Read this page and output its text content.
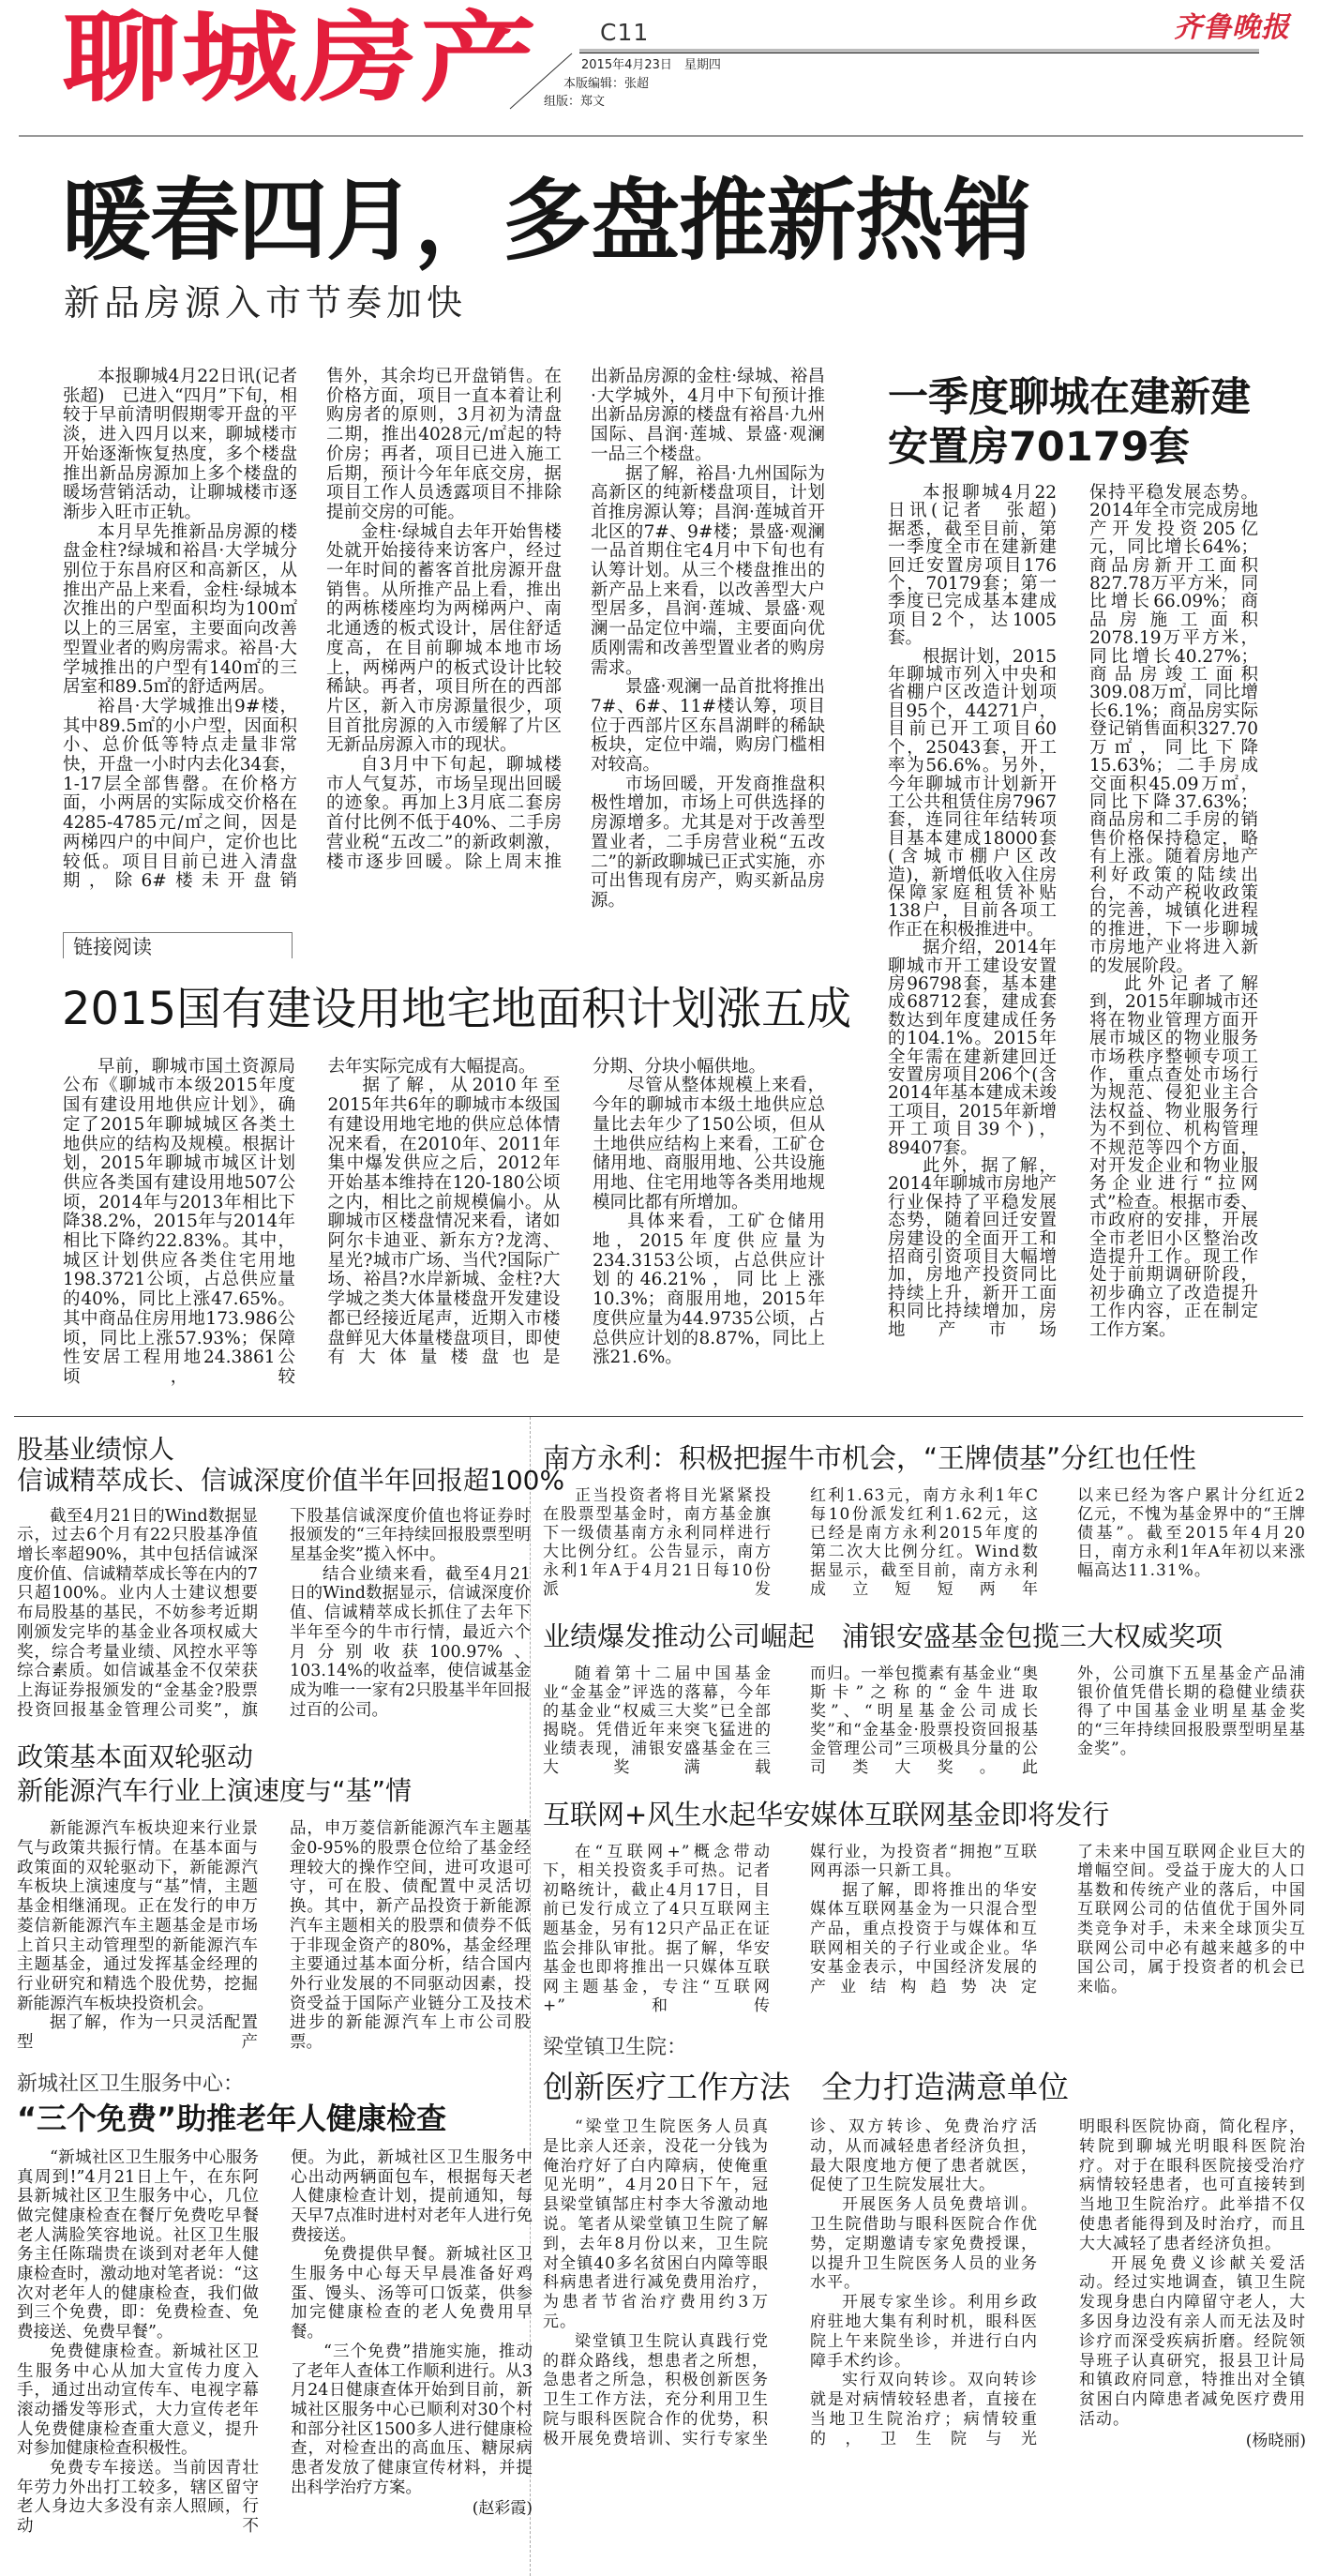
聊城房产	C11	齐鲁晚报
2015年4月23日　星期四
本版编辑：张超
组版：郑文
暖春四月，多盘推新热销
新品房源入市节奏加快

本报聊城4月22日讯(记者　张超)　已进入“四月”下旬，相较于早前清明假期零开盘的平淡，进入四月以来，聊城楼市开始逐渐恢复热度，多个楼盘推出新品房源加上多个楼盘的暖场营销活动，让聊城楼市逐渐步入旺市正轨。

本月早先推新品房源的楼盘金柱?绿城和裕昌·大学城分别位于东昌府区和高新区，从推出产品上来看，金柱·绿城本次推出的户型面积均为100㎡以上的三居室，主要面向改善型置业者的购房需求。裕昌·大学城推出的户型有140㎡的三居室和89.5㎡的舒适两居。

裕昌·大学城推出9#楼，其中89.5㎡的小户型，因面积小、总价低等特点走量非常快，开盘一小时内去化34套，1-17层全部售罄。在价格方面，小两居的实际成交价格在4285-4785元/㎡之间，因是两梯四户的中间户，定价也比较低。项目目前已进入清盘期，除6#楼未开盘销

售外，其余均已开盘销售。在价格方面，项目一直本着让利购房者的原则，3月初为清盘二期，推出4028元/㎡起的特价房；再者，项目已进入施工后期，预计今年年底交房，据项目工作人员透露项目不排除提前交房的可能。

金柱·绿城自去年开始售楼处就开始接待来访客户，经过一年时间的蓄客首批房源开盘销售。从所推产品上看，推出的两栋楼座均为两梯两户、南北通透的板式设计，居住舒适度高，在目前聊城本地市场上，两梯两户的板式设计比较稀缺。再者，项目所在的西部片区，新入市房源量很少，项目首批房源的入市缓解了片区无新品房源入市的现状。

自3月中下旬起，聊城楼市人气复苏，市场呈现出回暖的迹象。再加上3月底二套房首付比例不低于40%、二手房营业税“五改二”的新政刺激，楼市逐步回暖。除上周末推

出新品房源的金柱·绿城、裕昌·大学城外，4月中下旬预计推出新品房源的楼盘有裕昌·九州国际、昌润·莲城、景盛·观澜一品三个楼盘。

据了解，裕昌·九州国际为高新区的纯新楼盘项目，计划首推房源认筹；昌润·莲城首开北区的7#、9#楼；景盛·观澜一品首期住宅4月中下旬也有认筹计划。从三个楼盘推出的新产品上来看，以改善型大户型居多，昌润·莲城、景盛·观澜一品定位中端，主要面向优质刚需和改善型置业者的购房需求。

景盛·观澜一品首批将推出7#、6#、11#楼认筹，项目位于西部片区东昌湖畔的稀缺板块，定位中端，购房门槛相对较高。

市场回暖，开发商推盘积极性增加，市场上可供选择的房源增多。尤其是对于改善型置业者，二手房营业税“五改二”的新政聊城已正式实施，亦可出售现有房产，购买新品房源。

链接阅读
2015国有建设用地宅地面积计划涨五成

早前，聊城市国土资源局公布《聊城市本级2015年度国有建设用地供应计划》，确定了2015年聊城城区各类土地供应的结构及规模。根据计划，2015年聊城市城区计划供应各类国有建设用地507公顷，2014年与2013年相比下降38.2%，2015年与2014年相比下降约22.83%。其中，城区计划供应各类住宅用地198.3721公顷，占总供应量的40%，同比上涨47.65%。其中商品住房用地173.986公顷，同比上涨57.93%；保障性安居工程用地24.3861公顷，较

去年实际完成有大幅提高。

据了解，从2010年至2015年共6年的聊城市本级国有建设用地宅地的供应总体情况来看，在2010年、2011年集中爆发供应之后，2012年开始基本维持在120-180公顷之内，相比之前规模偏小。从聊城市区楼盘情况来看，诸如阿尔卡迪亚、新东方?龙湾、星光?城市广场、当代?国际广场、裕昌?水岸新城、金柱?大学城之类大体量楼盘开发建设都已经接近尾声，近期入市楼盘鲜见大体量楼盘项目，即使有大体量楼盘也是

分期、分块小幅供地。

尽管从整体规模上来看，今年的聊城市本级土地供应总量比去年少了150公顷，但从土地供应结构上来看，工矿仓储用地、商服用地、公共设施用地、住宅用地等各类用地规模同比都有所增加。

具体来看，工矿仓储用地，2015年度供应量为234.3153公顷，占总供应计划的46.21%，同比上涨10.3%；商服用地，2015年度供应量为44.9735公顷，占总供应计划的8.87%，同比上涨21.6%。

一季度聊城在建新建
安置房70179套

本报聊城4月22日讯(记者　张超)　据悉，截至目前，第一季度全市在建新建回迁安置房项目176个，70179套；第一季度已完成基本建成项目2个，达1005套。

根据计划，2015年聊城市列入中央和省棚户区改造计划项目95个，44271户，目前已开工项目60个，25043套，开工率为56.6%。另外，今年聊城市计划新开工公共租赁住房7967套，连同往年结转项目基本建成18000套(含城市棚户区改造)，新增低收入住房保障家庭租赁补贴138户，目前各项工作正在积极推进中。

据介绍，2014年聊城市开工建设安置房96798套，基本建成68712套，建成套数达到年度建成任务的104.1%。2015年全年需在建新建回迁安置房项目206个(含2014年基本建成未竣工项目，2015年新增开工项目39个)，89407套。

此外，据了解，2014年聊城市房地产行业保持了平稳发展态势，随着回迁安置房建设的全面开工和招商引资项目大幅增加，房地产投资同比持续上升，新开工面积同比持续增加，房地产市场

保持平稳发展态势。2014年全市完成房地产开发投资205亿元，同比增长64%；商品房新开工面积827.78万平方米，同比增长66.09%；商品房施工面积2078.19万平方米，同比增长40.27%；商品房竣工面积309.08万㎡，同比增长6.1%；商品房实际登记销售面积327.70万㎡，同比下降15.63%；二手房成交面积45.09万㎡，同比下降37.63%；商品房和二手房的销售价格保持稳定，略有上涨。随着房地产利好政策的陆续出台，不动产税收政策的完善，城镇化进程的推进，下一步聊城市房地产业将进入新的发展阶段。

此外记者了解到，2015年聊城市还将在物业管理方面开展市城区的物业服务市场秩序整顿专项工作，重点查处市场行为规范、侵犯业主合法权益、物业服务行为不到位、机构管理不规范等四个方面，对开发企业和物业服务企业进行“拉网式”检查。根据市委、市政府的安排，开展全市老旧小区整治改造提升工作。现工作处于前期调研阶段，初步确立了改造提升工作内容，正在制定工作方案。

股基业绩惊人
信诚精萃成长、信诚深度价值半年回报超100%

截至4月21日的Wind数据显示，过去6个月有22只股基净值增长率超90%，其中包括信诚深度价值、信诚精萃成长等在内的7只超100%。业内人士建议想要布局股基的基民，不妨参考近期刚颁发完毕的基金业各项权威大奖，综合考量业绩、风控水平等综合素质。如信诚基金不仅荣获上海证券报颁发的“金基金?股票投资回报基金管理公司奖”，旗

下股基信诚深度价值也将证券时报颁发的“三年持续回报股票型明星基金奖”揽入怀中。

结合业绩来看，截至4月21日的Wind数据显示，信诚深度价值、信诚精萃成长抓住了去年下半年至今的牛市行情，最近六个月分别收获100.97%、103.14%的收益率，使信诚基金成为唯一一家有2只股基半年回报过百的公司。

政策基本面双轮驱动
新能源汽车行业上演速度与“基”情

新能源汽车板块迎来行业景气与政策共振行情。在基本面与政策面的双轮驱动下，新能源汽车板块上演速度与“基”情，主题基金相继涌现。正在发行的申万菱信新能源汽车主题基金是市场上首只主动管理型的新能源汽车主题基金，通过发挥基金经理的行业研究和精选个股优势，挖掘新能源汽车板块投资机会。

据了解，作为一只灵活配置型产

品，申万菱信新能源汽车主题基金0-95%的股票仓位给了基金经理较大的操作空间，进可攻退可守，可在股、债配置中灵活切换。其中，新产品投资于新能源汽车主题相关的股票和债券不低于非现金资产的80%，基金经理主要通过基本面分析，结合国内外行业发展的不同驱动因素，投资受益于国际产业链分工及技术进步的新能源汽车上市公司股票。

新城社区卫生服务中心：
“三个免费”助推老年人健康检查

“新城社区卫生服务中心服务真周到!”4月21日上午，在东阿县新城社区卫生服务中心，几位做完健康检查在餐厅免费吃早餐老人满脸笑容地说。社区卫生服务主任陈瑞贵在谈到对老年人健康检查时，激动地对笔者说：“这次对老年人的健康检查，我们做到三个免费，即：免费检查、免费接送、免费早餐”。

免费健康检查。新城社区卫生服务中心从加大宣传力度入手，通过出动宣传车、电视字幕滚动播发等形式，大力宣传老年人免费健康检查重大意义，提升对参加健康检查积极性。

免费专车接送。当前因青壮年劳力外出打工较多，辖区留守老人身边大多没有亲人照顾，行动不

便。为此，新城社区卫生服务中心出动两辆面包车，根据每天老人健康检查计划，提前通知，每天早7点准时进村对老年人进行免费接送。

免费提供早餐。新城社区卫生服务中心每天早晨准备好鸡蛋、馒头、汤等可口饭菜，供参加完健康检查的老人免费用早餐。

“三个免费”措施实施，推动了老年人查体工作顺利进行。从3月24日健康查体开始到目前，新城社区服务中心已顺利对30个村和部分社区1500多人进行健康检查，对检查出的高血压、糖尿病患者发放了健康宣传材料，并提出科学治疗方案。

(赵彩霞)
南方永利：积极把握牛市机会，“王牌债基”分红也任性

正当投资者将目光紧紧投在股票型基金时，南方基金旗下一级债基南方永利同样进行大比例分红。公告显示，南方永利1年A于4月21日每10份派发

红利1.63元，南方永利1年C每10份派发红利1.62元，这已经是南方永利2015年度的第二次大比例分红。Wind数据显示，截至目前，南方永利成立短短两年

以来已经为客户累计分红近2亿元，不愧为基金界中的“王牌债基”。截至2015年4月20日，南方永利1年A年初以来涨幅高达11.31%。

业绩爆发推动公司崛起　浦银安盛基金包揽三大权威奖项

随着第十二届中国基金业“金基金”评选的落幕，今年的基金业“权威三大奖”已全部揭晓。凭借近年来突飞猛进的业绩表现，浦银安盛基金在三大奖满载

而归。一举包揽素有基金业“奥斯卡”之称的“金牛进取奖”、“明星基金公司成长奖”和“金基金·股票投资回报基金管理公司”三项极具分量的公司类大奖。此

外，公司旗下五星基金产品浦银价值凭借长期的稳健业绩获得了中国基金业明星基金奖的“三年持续回报股票型明星基金奖”。

互联网+风生水起华安媒体互联网基金即将发行

在“互联网+”概念带动下，相关投资炙手可热。记者初略统计，截止4月17日，目前已发行成立了4只互联网主题基金，另有12只产品正在证监会排队审批。据了解，华安基金也即将推出一只媒体互联网主题基金，专注“互联网+”和传

媒行业，为投资者“拥抱”互联网再添一只新工具。

据了解，即将推出的华安媒体互联网基金为一只混合型产品，重点投资于与媒体和互联网相关的子行业或企业。华安基金表示，中国经济发展的产业结构趋势决定

了未来中国互联网企业巨大的增幅空间。受益于庞大的人口基数和传统产业的落后，中国互联网公司的估值优于国外同类竞争对手，未来全球顶尖互联网公司中必有越来越多的中国公司，属于投资者的机会已来临。

梁堂镇卫生院：
创新医疗工作方法　全力打造满意单位

“梁堂卫生院医务人员真是比亲人还亲，没花一分钱为俺治疗好了白内障病，使俺重见光明”，4月20日下午，冠县梁堂镇郜庄村李大爷激动地说。笔者从梁堂镇卫生院了解到，去年8月份以来，卫生院对全镇40多名贫困白内障等眼科病患者进行减免费用治疗，为患者节省治疗费用约3万元。

梁堂镇卫生院认真践行党的群众路线，想患者之所想，急患者之所急，积极创新医务卫生工作方法，充分利用卫生院与眼科医院合作的优势，积极开展免费培训、实行专家坐

诊、双方转诊、免费治疗活动，从而减轻患者经济负担，最大限度地方便了患者就医，促使了卫生院发展壮大。

开展医务人员免费培训。卫生院借助与眼科医院合作优势，定期邀请专家免费授课，以提升卫生院医务人员的业务水平。

开展专家坐诊。利用乡政府驻地大集有利时机，眼科医院上午来院坐诊，并进行白内障手术约诊。

实行双向转诊。双向转诊就是对病情较轻患者，直接在当地卫生院治疗；病情较重的，卫生院与光

明眼科医院协商，简化程序，转院到聊城光明眼科医院治疗。对于在眼科医院接受治疗病情较轻患者，也可直接转到当地卫生院治疗。此举措不仅使患者能得到及时治疗，而且大大减轻了患者经济负担。

开展免费义诊献关爱活动。经过实地调查，镇卫生院发现身患白内障留守老人，大多因身边没有亲人而无法及时诊疗而深受疾病折磨。经院领导班子认真研究，报县卫计局和镇政府同意，特推出对全镇贫困白内障患者减免医疗费用活动。

(杨晓丽)
